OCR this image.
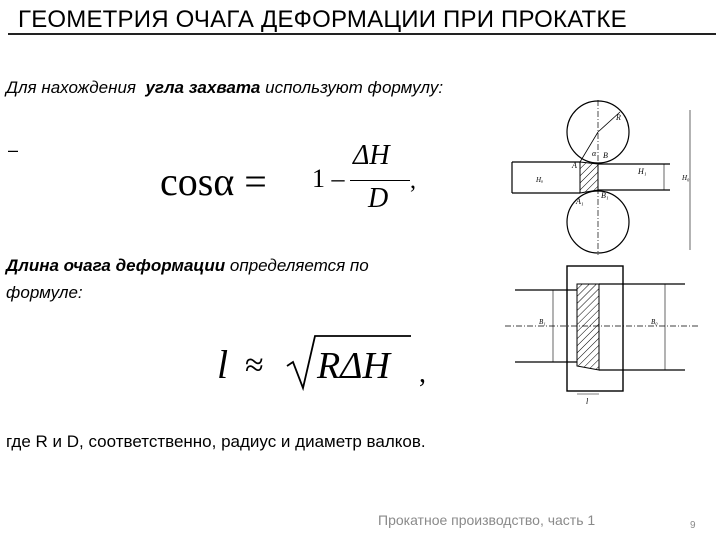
ГЕОМЕТРИЯ ОЧАГА ДЕФОРМАЦИИ ПРИ ПРОКАТКЕ
Для нахождения угла захвата используют формулу:
–
cosα = 1 –
ΔH
D
,
Длина очага деформации определяется по
формуле:
l ≈ RΔH ,
R
α B
A
H₁
Hₐ
A₁
B₁
H₀
B₁	B₀
l
где R и D, соответственно, радиус и диаметр валков.
Прокатное производство, часть 1	9
